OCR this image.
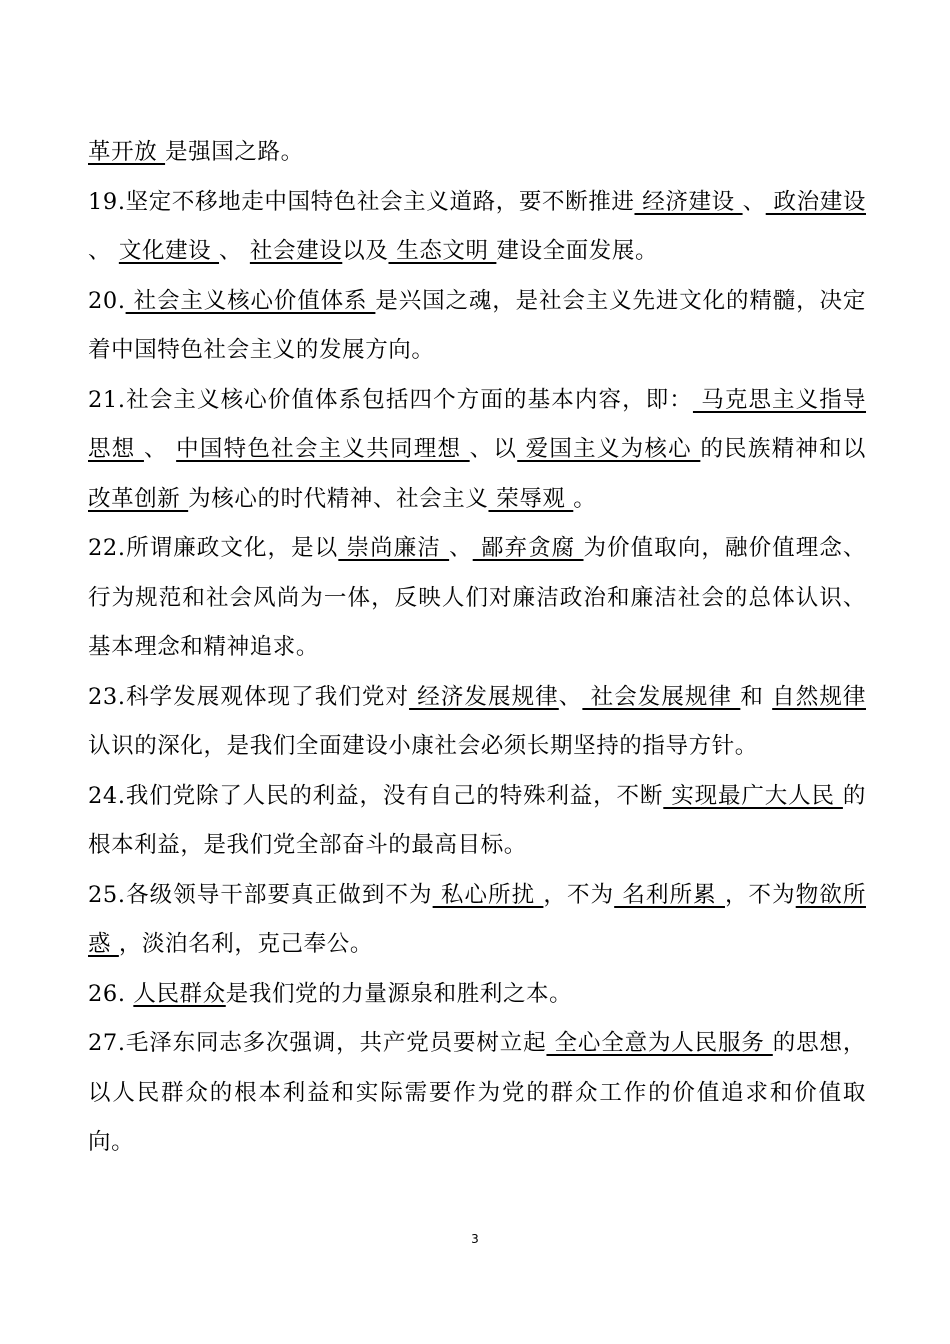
革开放 是强国之路。

19.坚定不移地走中国特色社会主义道路，要不断推进 经济建设 、 政治建设 、 文化建设 、 社会建设以及 生态文明 建设全面发展。

20. 社会主义核心价值体系 是兴国之魂，是社会主义先进文化的精髓，决定着中国特色社会主义的发展方向。

21.社会主义核心价值体系包括四个方面的基本内容，即： 马克思主义指导思想 、 中国特色社会主义共同理想 、以 爱国主义为核心 的民族精神和以 改革创新 为核心的时代精神、社会主义 荣辱观 。

22.所谓廉政文化，是以 崇尚廉洁 、 鄙弃贪腐 为价值取向，融价值理念、行为规范和社会风尚为一体，反映人们对廉洁政治和廉洁社会的总体认识、基本理念和精神追求。

23.科学发展观体现了我们党对 经济发展规律、 社会发展规律 和 自然规律 认识的深化，是我们全面建设小康社会必须长期坚持的指导方针。

24.我们党除了人民的利益，没有自己的特殊利益，不断 实现最广大人民 的根本利益，是我们党全部奋斗的最高目标。

25.各级领导干部要真正做到不为 私心所扰 ，不为 名利所累 ，不为物欲所惑 ，淡泊名利，克己奉公。

26. 人民群众是我们党的力量源泉和胜利之本。

27.毛泽东同志多次强调，共产党员要树立起 全心全意为人民服务 的思想，以人民群众的根本利益和实际需要作为党的群众工作的价值追求和价值取向。

3
